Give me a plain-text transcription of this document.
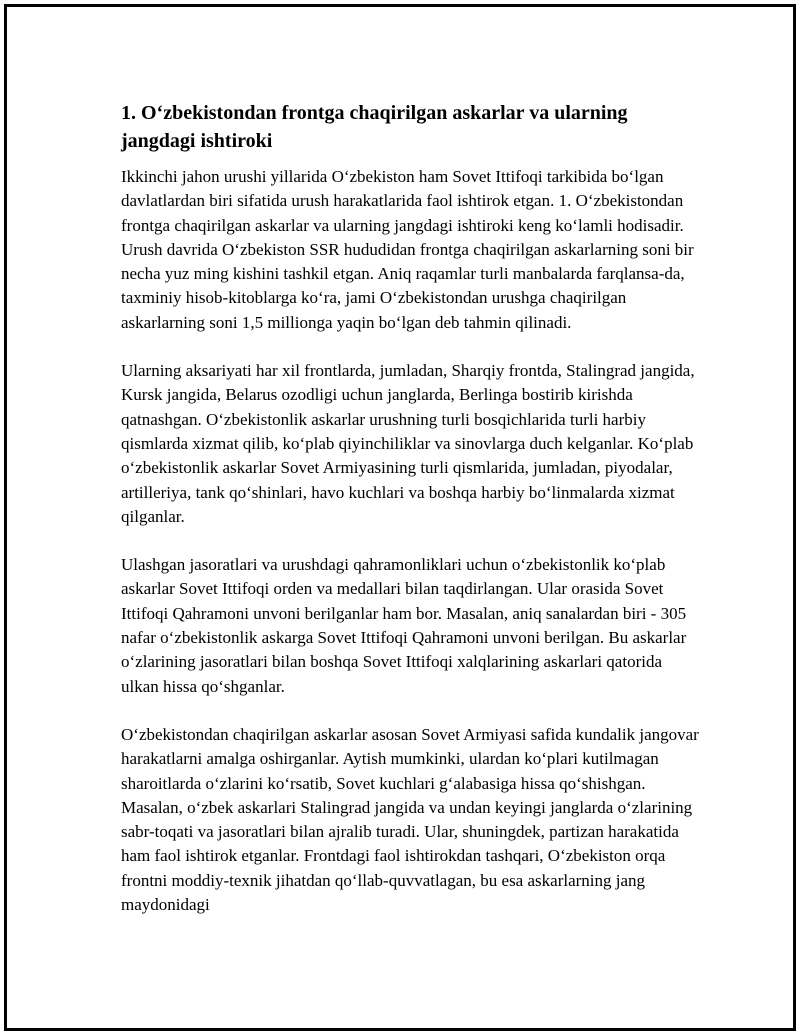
1. O‘zbekistondan frontga chaqirilgan askarlar va ularning jangdagi ishtiroki

Ikkinchi jahon urushi yillarida O‘zbekiston ham Sovet Ittifoqi tarkibida bo‘lgan davlatlardan biri sifatida urush harakatlarida faol ishtirok etgan. 1. O‘zbekistondan frontga chaqirilgan askarlar va ularning jangdagi ishtiroki keng ko‘lamli hodisadir. Urush davrida O‘zbekiston SSR hududidan frontga chaqirilgan askarlarning soni bir necha yuz ming kishini tashkil etgan. Aniq raqamlar turli manbalarda farqlansa-da, taxminiy hisob-kitoblarga ko‘ra, jami O‘zbekistondan urushga chaqirilgan askarlarning soni 1,5 millionga yaqin bo‘lgan deb tahmin qilinadi.

Ularning aksariyati har xil frontlarda, jumladan, Sharqiy frontda, Stalingrad jangida, Kursk jangida, Belarus ozodligi uchun janglarda, Berlinga bostirib kirishda qatnashgan. O‘zbekistonlik askarlar urushning turli bosqichlarida turli harbiy qismlarda xizmat qilib, ko‘plab qiyinchiliklar va sinovlarga duch kelganlar. Ko‘plab o‘zbekistonlik askarlar Sovet Armiyasining turli qismlarida, jumladan, piyodalar, artilleriya, tank qo‘shinlari, havo kuchlari va boshqa harbiy bo‘linmalarda xizmat qilganlar.

Ulashgan jasoratlari va urushdagi qahramonliklari uchun o‘zbekistonlik ko‘plab askarlar Sovet Ittifoqi orden va medallari bilan taqdirlangan. Ular orasida Sovet Ittifoqi Qahramoni unvoni berilganlar ham bor. Masalan, aniq sanalardan biri - 305 nafar o‘zbekistonlik askarga Sovet Ittifoqi Qahramoni unvoni berilgan. Bu askarlar o‘zlarining jasoratlari bilan boshqa Sovet Ittifoqi xalqlarining askarlari qatorida ulkan hissa qo‘shganlar.

O‘zbekistondan chaqirilgan askarlar asosan Sovet Armiyasi safida kundalik jangovar harakatlarni amalga oshirganlar. Aytish mumkinki, ulardan ko‘plari kutilmagan sharoitlarda o‘zlarini ko‘rsatib, Sovet kuchlari g‘alabasiga hissa qo‘shishgan. Masalan, o‘zbek askarlari Stalingrad jangida va undan keyingi janglarda o‘zlarining sabr-toqati va jasoratlari bilan ajralib turadi. Ular, shuningdek, partizan harakatida ham faol ishtirok etganlar. Frontdagi faol ishtirokdan tashqari, O‘zbekiston orqa frontni moddiy-texnik jihatdan qo‘llab-quvvatlagan, bu esa askarlarning jang maydonidagi
